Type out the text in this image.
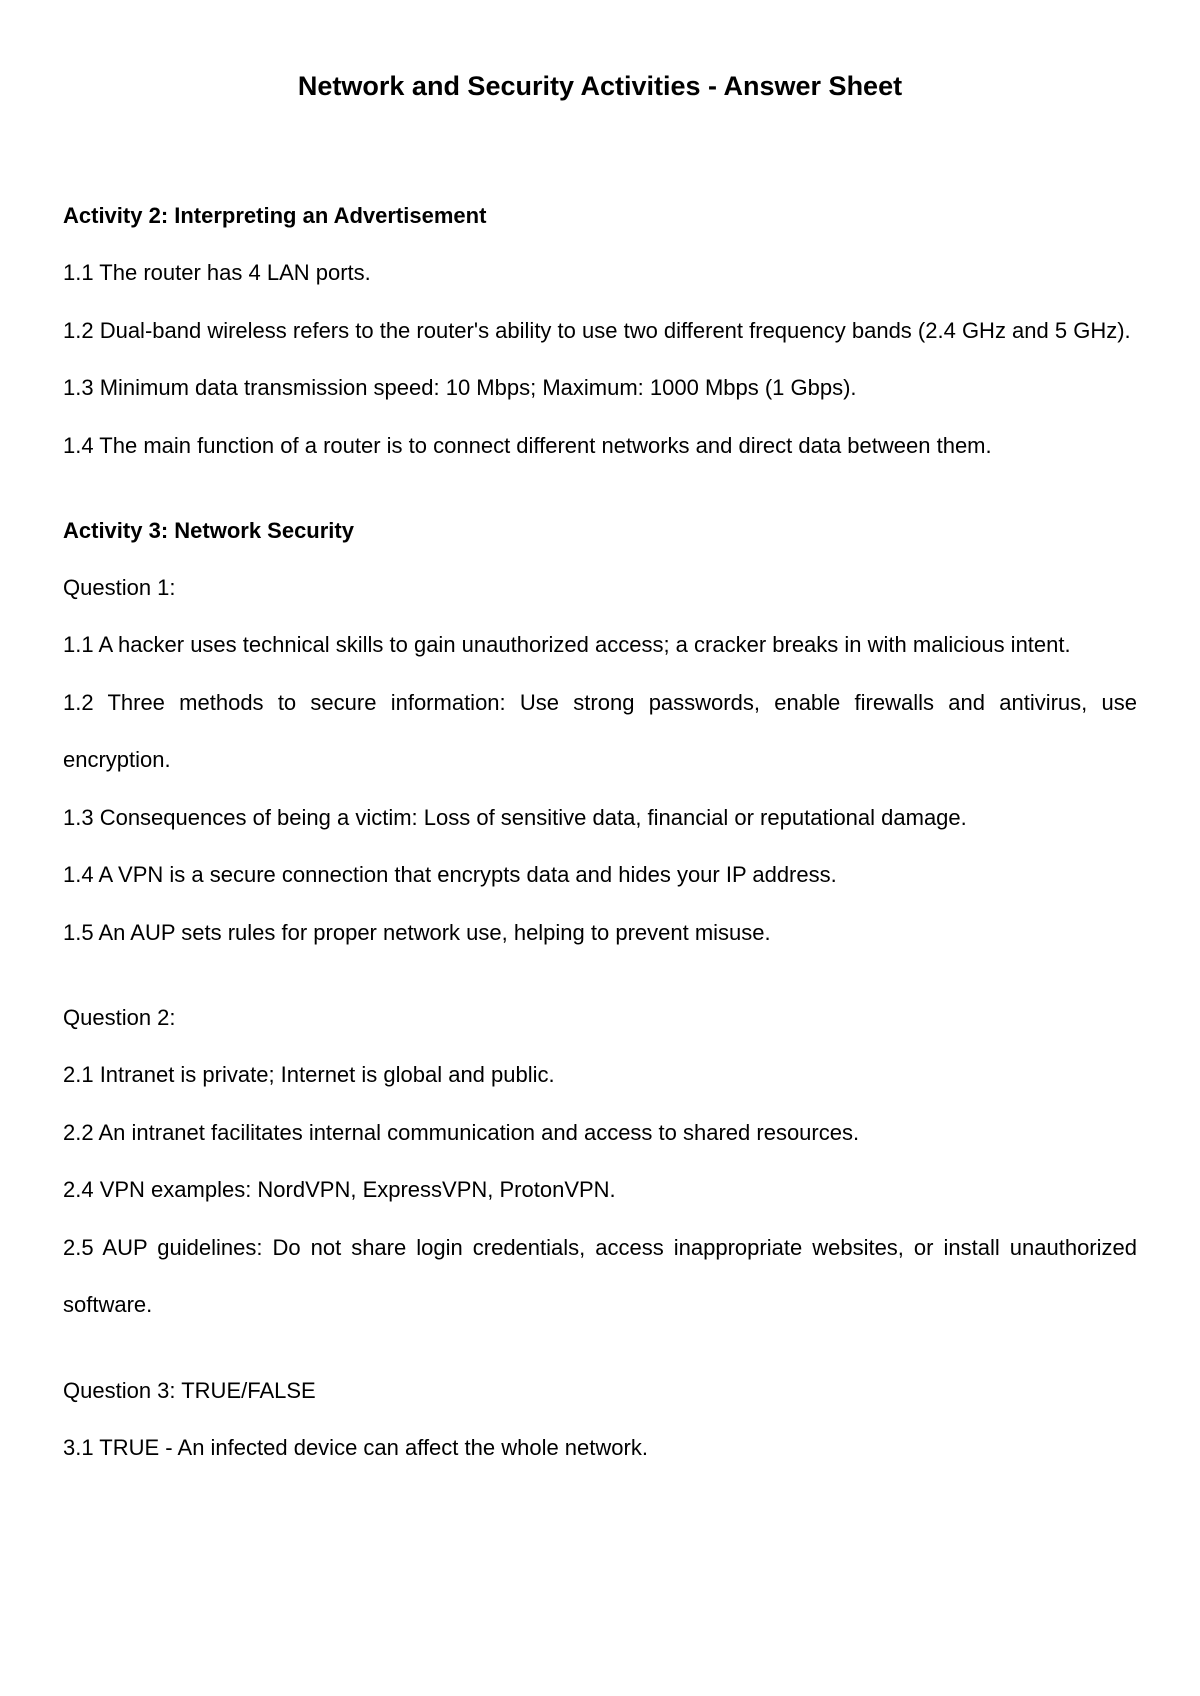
Network and Security Activities - Answer Sheet

Activity 2: Interpreting an Advertisement

1.1 The router has 4 LAN ports.

1.2 Dual-band wireless refers to the router's ability to use two different frequency bands (2.4 GHz and 5 GHz).

1.3 Minimum data transmission speed: 10 Mbps; Maximum: 1000 Mbps (1 Gbps).

1.4 The main function of a router is to connect different networks and direct data between them.

Activity 3: Network Security

Question 1:

1.1 A hacker uses technical skills to gain unauthorized access; a cracker breaks in with malicious intent.

1.2 Three methods to secure information: Use strong passwords, enable firewalls and antivirus, use encryption.

1.3 Consequences of being a victim: Loss of sensitive data, financial or reputational damage.

1.4 A VPN is a secure connection that encrypts data and hides your IP address.

1.5 An AUP sets rules for proper network use, helping to prevent misuse.

Question 2:

2.1 Intranet is private; Internet is global and public.

2.2 An intranet facilitates internal communication and access to shared resources.

2.4 VPN examples: NordVPN, ExpressVPN, ProtonVPN.

2.5 AUP guidelines: Do not share login credentials, access inappropriate websites, or install unauthorized software.

Question 3: TRUE/FALSE

3.1 TRUE - An infected device can affect the whole network.
